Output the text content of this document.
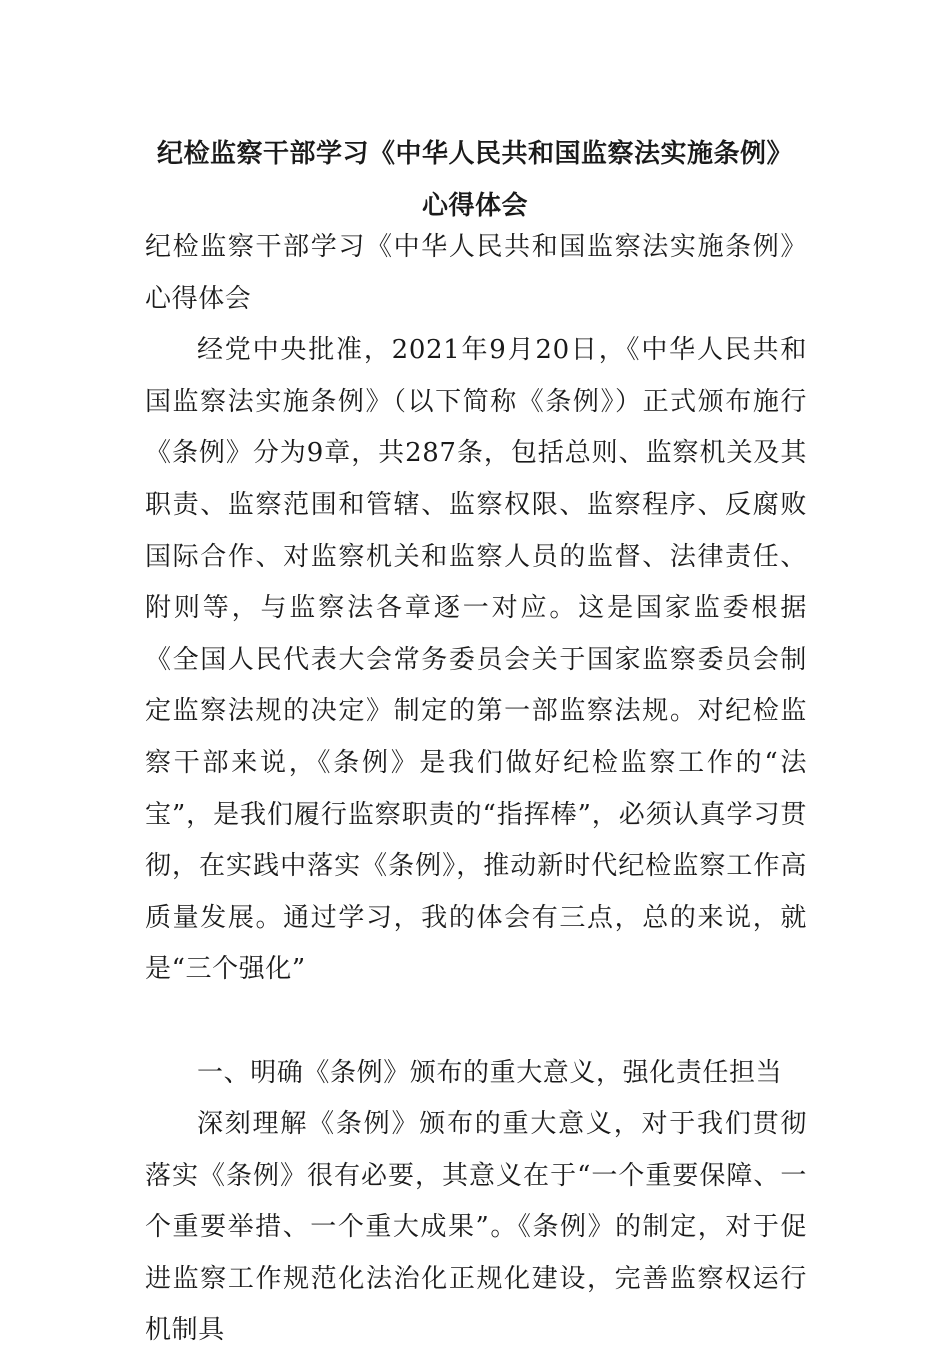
纪检监察干部学习《中华人民共和国监察法实施条例》心得体会

纪检监察干部学习《中华人民共和国监察法实施条例》心得体会

经党中央批准，2021年9月20日，《中华人民共和国监察法实施条例》（以下简称《条例》）正式颁布施行《条例》分为9章，共287条，包括总则、监察机关及其职责、监察范围和管辖、监察权限、监察程序、反腐败国际合作、对监察机关和监察人员的监督、法律责任、附则等，与监察法各章逐一对应。这是国家监委根据《全国人民代表大会常务委员会关于国家监察委员会制定监察法规的决定》制定的第一部监察法规。对纪检监察干部来说，《条例》是我们做好纪检监察工作的“法宝”，是我们履行监察职责的“指挥棒”，必须认真学习贯彻，在实践中落实《条例》，推动新时代纪检监察工作高质量发展。通过学习，我的体会有三点，总的来说，就是“三个强化”

一、明确《条例》颁布的重大意义，强化责任担当

深刻理解《条例》颁布的重大意义，对于我们贯彻落实《条例》很有必要，其意义在于“一个重要保障、一个重要举措、一个重大成果”。《条例》的制定，对于促进监察工作规范化法治化正规化建设，完善监察权运行机制具
